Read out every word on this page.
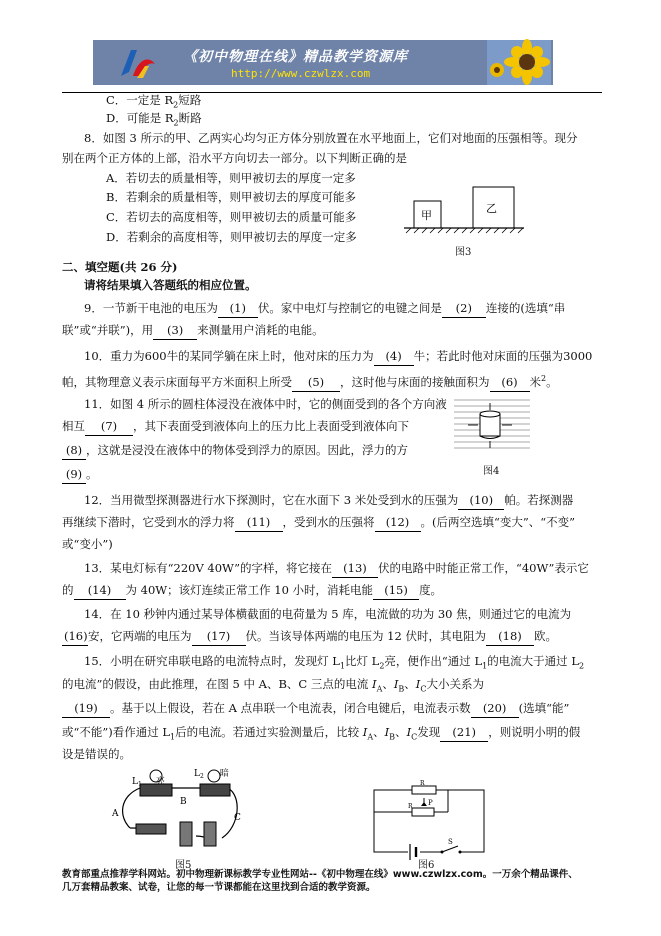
《初中物理在线》精品教学资源库
http://www.czwlzx.com
C．一定是 $R_2$短路
D．可能是 $R_2$断路
8．如图 3 所示的甲、乙两实心均匀正方体分别放置在水平地面上，它们对地面的压强相等。现分
别在两个正方体的上部，沿水平方向切去一部分。以下判断正确的是
A．若切去的质量相等，则甲被切去的厚度一定多
B．若剩余的质量相等，则甲被切去的厚度可能多
C．若切去的高度相等，则甲被切去的质量可能多
D．若剩余的高度相等，则甲被切去的厚度一定多
甲
乙
图3
二、填空题(共 26 分)
请将结果填入答题纸的相应位置。
9．一节新干电池的电压为 (1) 伏。家中电灯与控制它的电键之间是 (2) 连接的(选填“串
联”或“并联”)，用 (3) 来测量用户消耗的电能。
10．重力为600牛的某同学躺在床上时，他对床的压力为 (4) 牛；若此时他对床面的压强为3000
帕，其物理意义表示床面每平方米面积上所受 (5) ，这时他与床面的接触面积为 (6) 米$^2$。
11．如图 4 所示的圆柱体浸没在液体中时，它的侧面受到的各个方向液
相互 (7) ，其下表面受到液体向上的压力比上表面受到液体向下
(8) ，这就是浸没在液体中的物体受到浮力的原因。因此，浮力的方
(9) 。	图4
12．当用微型探测器进行水下探测时，它在水面下 3 米处受到水的压强为 (10) 帕。若探测器
再继续下潜时，它受到水的浮力将 (11) ，受到水的压强将 (12) 。(后两空选填“变大”、“不变”
或“变小”)
13．某电灯标有“220V 40W”的字样，将它接在 (13) 伏的电路中时能正常工作，“40W”表示它
的 (14) 为 40W；该灯连续正常工作 10 小时，消耗电能 (15) 度。
14．在 10 秒钟内通过某导体横截面的电荷量为 5 库，电流做的功为 30 焦，则通过它的电流为
(16)安，它两端的电压为 (17) 伏。当该导体两端的电压为 12 伏时，其电阻为 (18) 欧。
15．小明在研究串联电路的电流特点时，发现灯 $L_1$比灯 $L_2$亮，便作出“通过 $L_1$的电流大于通过 $L_2$
的电流”的假设，由此推理，在图 5 中 A、B、C 三点的电流 $I_A$、$I_B$、$I_C$大小关系为
(19) 。基于以上假设，若在 A 点串联一个电流表，闭合电键后，电流表示数 (20) (选填“能”
或“不能”)看作通过 $L_1$后的电流。若通过实验测量后，比较 $I_A$、$I_B$、$I_C$发现 (21) ，则说明小明的假
设是错误的。
$L_1$ 亮
$L_2$ 暗
A
B
C
图5
R
P
R
S
图6
教育部重点推荐学科网站。初中物理新课标教学专业性网站--《初中物理在线》www.czwlzx.com。一万余个精品课件、
几万套精品教案、试卷，让您的每一节课都能在这里找到合适的教学资源。
